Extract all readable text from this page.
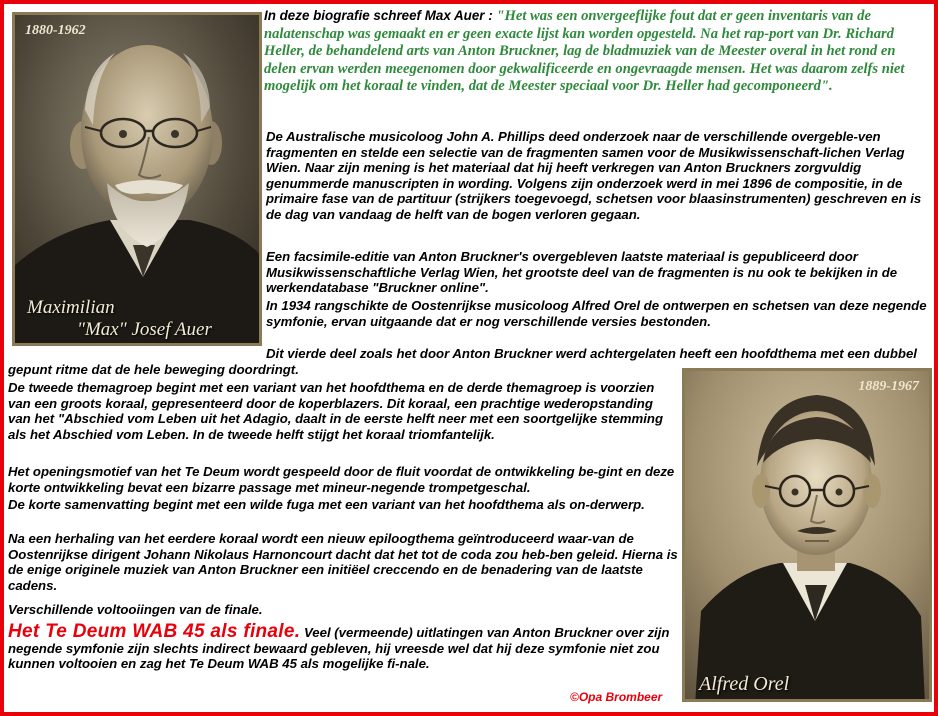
1880-1962
Maximilian
"Max" Josef Auer
1889-1967
Alfred Orel

In deze biografie schreef Max Auer : "Het was een onvergeeflijke fout dat er geen inventaris van de nalatenschap was gemaakt en er geen exacte lijst kan worden opgesteld. Na het rap-port van Dr. Richard Heller, de behandelend arts van Anton Bruckner, lag de bladmuziek van de Meester overal in het rond en delen ervan werden meegenomen door gekwalificeerde en ongevraagde mensen. Het was daarom zelfs niet mogelijk om het koraal te vinden, dat de Meester speciaal voor Dr. Heller had gecomponeerd".

De Australische musicoloog John A. Phillips deed onderzoek naar de verschillende overgeble-ven fragmenten en stelde een selectie van de fragmenten samen voor de Musikwissenschaft-lichen Verlag Wien. Naar zijn mening is het materiaal dat hij heeft verkregen van Anton Bruckners zorgvuldig genummerde manuscripten in wording. Volgens zijn onderzoek werd in mei 1896 de compositie, in de primaire fase van de partituur (strijkers toegevoegd, schetsen voor blaasinstrumenten) geschreven en is de dag van vandaag de helft van de bogen verloren gegaan.

Een facsimile-editie van Anton Bruckner's overgebleven laatste materiaal is gepubliceerd door Musikwissenschaftliche Verlag Wien, het grootste deel van de fragmenten is nu ook te bekijken in de werkendatabase "Bruckner online".

In 1934 rangschikte de Oostenrijkse musicoloog Alfred Orel de ontwerpen en schetsen van deze negende symfonie, ervan uitgaande dat er nog verschillende versies bestonden.

Dit vierde deel zoals het door Anton Bruckner werd achtergelaten heeft een hoofdthema met een dubbel gepunt ritme dat de hele beweging doordringt.

De tweede themagroep begint met een variant van het hoofdthema en de derde themagroep is voorzien van een groots koraal, gepresenteerd door de koperblazers. Dit koraal, een prachtige wederopstanding van het "Abschied vom Leben uit het Adagio, daalt in de eerste helft neer met een soortgelijke stemming als het Abschied vom Leben. In de tweede helft stijgt het koraal triomfantelijk.

Het openingsmotief van het Te Deum wordt gespeeld door de fluit voordat de ontwikkeling be-gint en deze korte ontwikkeling bevat een bizarre passage met mineur-negende trompetgeschal.

De korte samenvatting begint met een wilde fuga met een variant van het hoofdthema als on-derwerp.

Na een herhaling van het eerdere koraal wordt een nieuw epiloogthema geïntroduceerd waar-van de Oostenrijkse dirigent Johann Nikolaus Harnoncourt dacht dat het tot de coda zou heb-ben geleid. Hierna is de enige originele muziek van Anton Bruckner een initiëel creccendo en de benadering van de laatste cadens.

Verschillende voltooiingen van de finale.

Het Te Deum WAB 45 als finale. Veel (vermeende) uitlatingen van Anton Bruckner over zijn negende symfonie zijn slechts indirect bewaard gebleven, hij vreesde wel dat hij deze symfonie niet zou kunnen voltooien en zag het Te Deum WAB 45 als mogelijke fi-nale.

©Opa Brombeer
